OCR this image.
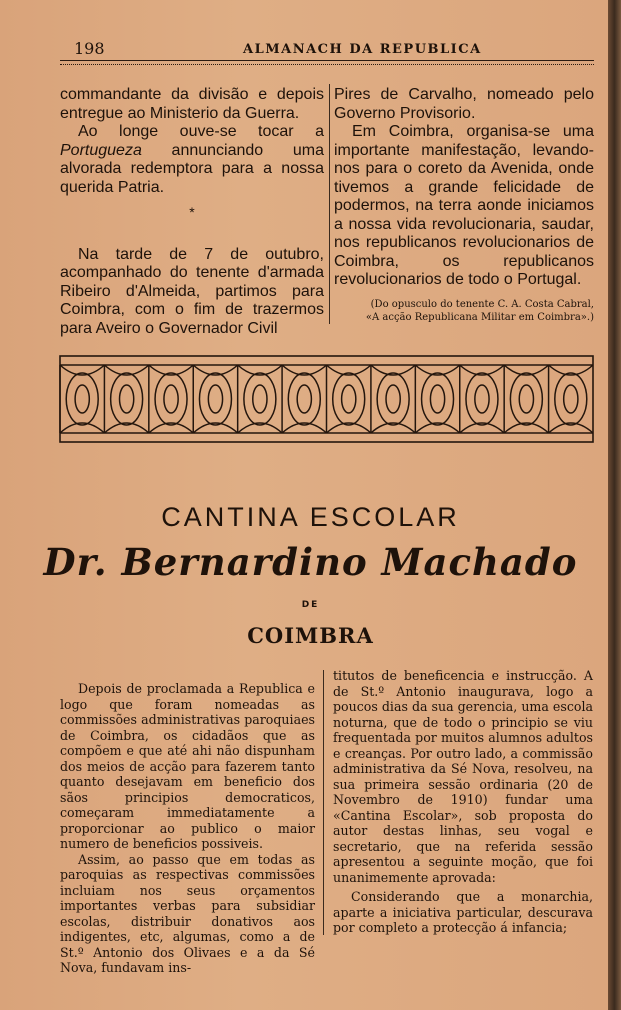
198	ALMANACH DA REPUBLICA

commandante da divisão e depois entregue ao Ministerio da Guerra.

Ao longe ouve-se tocar a Portugueza annunciando uma alvorada redemptora para a nossa querida Patria.

*

Na tarde de 7 de outubro, acompanhado do tenente d'armada Ribeiro d'Almeida, partimos para Coimbra, com o fim de trazermos para Aveiro o Governador Civil

Pires de Carvalho, nomeado pelo Governo Provisorio.

Em Coimbra, organisa-se uma importante manifestação, levando-nos para o coreto da Avenida, onde tivemos a grande felicidade de podermos, na terra aonde iniciamos a nossa vida revolucionaria, saudar, nos republicanos revolucionarios de Coimbra, os republicanos revolucionarios de todo o Portugal.

(Do opusculo do tenente C. A. Costa Cabral,
«A acção Republicana Militar em Coimbra».)
CANTINA ESCOLAR
Dr. Bernardino Machado
DE
COIMBRA

Depois de proclamada a Republica e logo que foram nomeadas as commissões administrativas paroquiaes de Coimbra, os cidadãos que as compõem e que até ahi não dispunham dos meios de acção para fazerem tanto quanto desejavam em beneficio dos sãos principios democraticos, começaram immediatamente a proporcionar ao publico o maior numero de beneficios possiveis.

Assim, ao passo que em todas as paroquias as respectivas commissões incluiam nos seus orçamentos importantes verbas para subsidiar escolas, distribuir donativos aos indigentes, etc, algumas, como a de St.º Antonio dos Olivaes e a da Sé Nova, fundavam ins-

titutos de beneficencia e instrucção. A de St.º Antonio inaugurava, logo a poucos dias da sua gerencia, uma escola noturna, que de todo o principio se viu frequentada por muitos alumnos adultos e creanças. Por outro lado, a commissão administrativa da Sé Nova, resolveu, na sua primeira sessão ordinaria (20 de Novembro de 1910) fundar uma «Cantina Escolar», sob proposta do autor destas linhas, seu vogal e secretario, que na referida sessão apresentou a seguinte moção, que foi unanimemente aprovada:

Considerando que a monarchia, aparte a iniciativa particular, descurava por completo a protecção á infancia;
